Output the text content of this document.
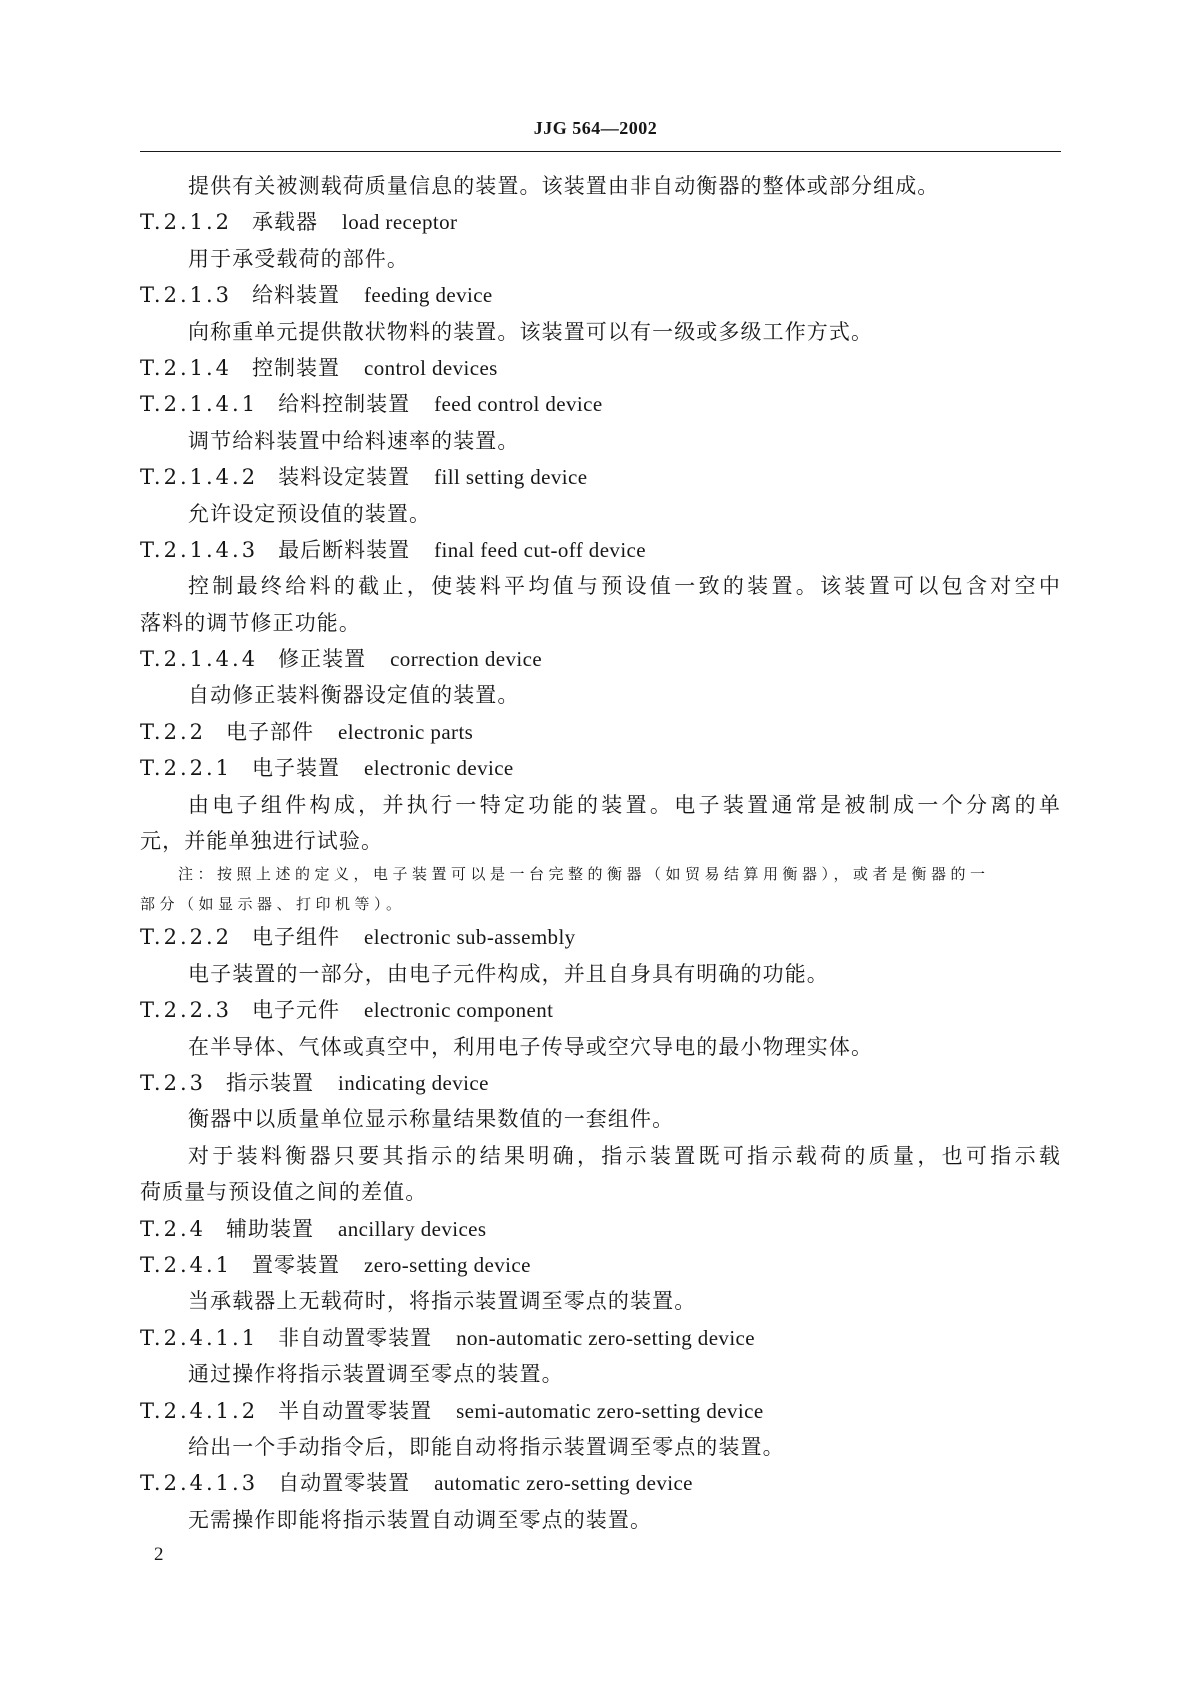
JJG 564—2002
提供有关被测载荷质量信息的装置。该装置由非自动衡器的整体或部分组成。
T.2.1.2 承载器 load receptor
用于承受载荷的部件。
T.2.1.3 给料装置 feeding device
向称重单元提供散状物料的装置。该装置可以有一级或多级工作方式。
T.2.1.4 控制装置 control devices
T.2.1.4.1 给料控制装置 feed control device
调节给料装置中给料速率的装置。
T.2.1.4.2 装料设定装置 fill setting device
允许设定预设值的装置。
T.2.1.4.3 最后断料装置 final feed cut-off device
控制最终给料的截止，使装料平均值与预设值一致的装置。该装置可以包含对空中
落料的调节修正功能。
T.2.1.4.4 修正装置 correction device
自动修正装料衡器设定值的装置。
T.2.2 电子部件 electronic parts
T.2.2.1 电子装置 electronic device
由电子组件构成，并执行一特定功能的装置。电子装置通常是被制成一个分离的单
元，并能单独进行试验。
注：按照上述的定义，电子装置可以是一台完整的衡器（如贸易结算用衡器），或者是衡器的一
部分（如显示器、打印机等）。
T.2.2.2 电子组件 electronic sub-assembly
电子装置的一部分，由电子元件构成，并且自身具有明确的功能。
T.2.2.3 电子元件 electronic component
在半导体、气体或真空中，利用电子传导或空穴导电的最小物理实体。
T.2.3 指示装置 indicating device
衡器中以质量单位显示称量结果数值的一套组件。
对于装料衡器只要其指示的结果明确，指示装置既可指示载荷的质量，也可指示载
荷质量与预设值之间的差值。
T.2.4 辅助装置 ancillary devices
T.2.4.1 置零装置 zero-setting device
当承载器上无载荷时，将指示装置调至零点的装置。
T.2.4.1.1 非自动置零装置 non-automatic zero-setting device
通过操作将指示装置调至零点的装置。
T.2.4.1.2 半自动置零装置 semi-automatic zero-setting device
给出一个手动指令后，即能自动将指示装置调至零点的装置。
T.2.4.1.3 自动置零装置 automatic zero-setting device
无需操作即能将指示装置自动调至零点的装置。
2
